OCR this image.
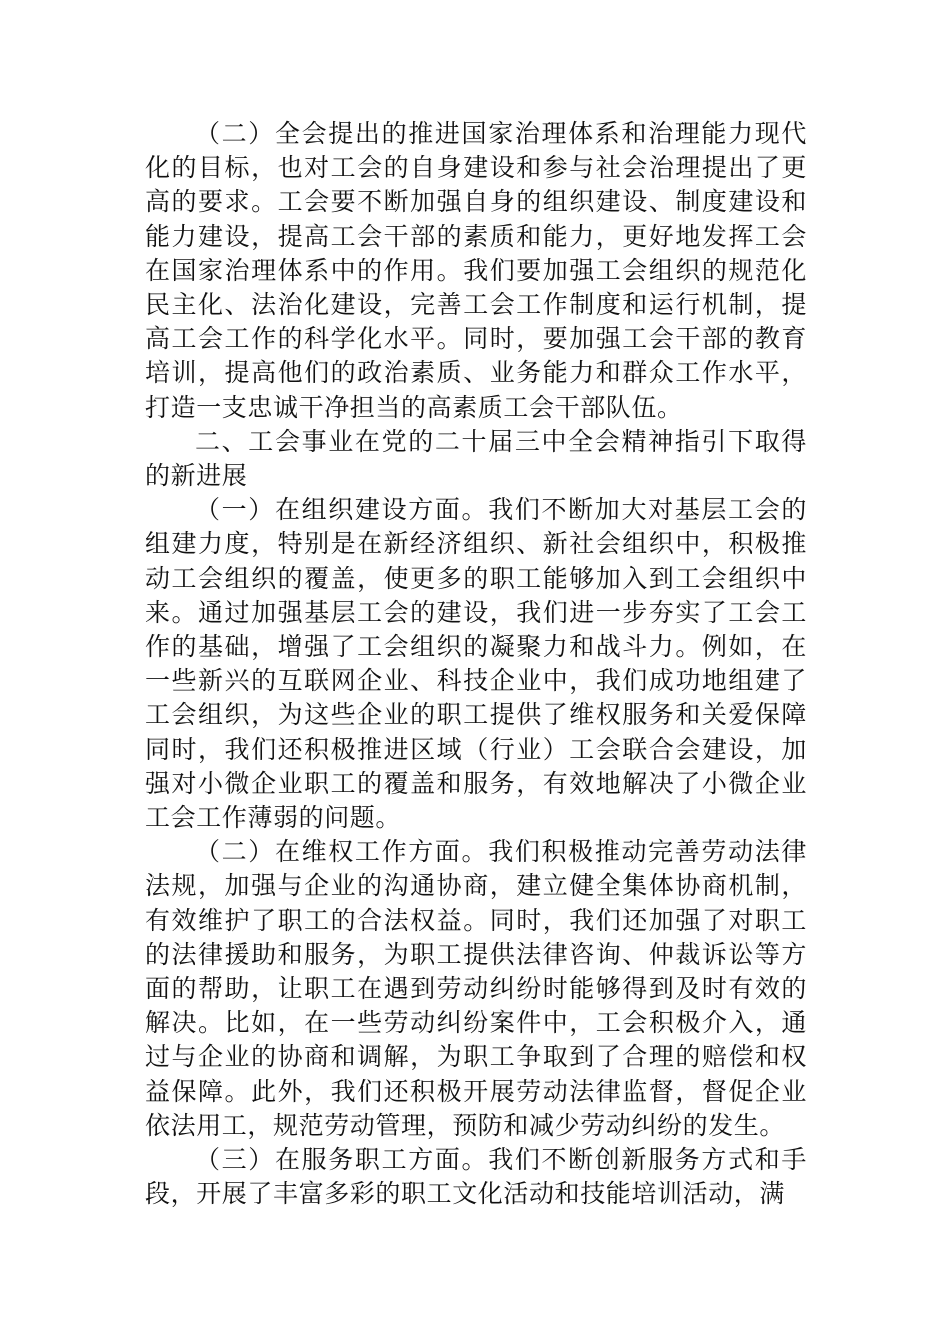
（二）全会提出的推进国家治理体系和治理能力现代化的目标，也对工会的自身建设和参与社会治理提出了更高的要求。工会要不断加强自身的组织建设、制度建设和能力建设，提高工会干部的素质和能力，更好地发挥工会在国家治理体系中的作用。我们要加强工会组织的规范化民主化、法治化建设，完善工会工作制度和运行机制，提高工会工作的科学化水平。同时，要加强工会干部的教育培训，提高他们的政治素质、业务能力和群众工作水平，打造一支忠诚干净担当的高素质工会干部队伍。

二、工会事业在党的二十届三中全会精神指引下取得的新进展

（一）在组织建设方面。我们不断加大对基层工会的组建力度，特别是在新经济组织、新社会组织中，积极推动工会组织的覆盖，使更多的职工能够加入到工会组织中来。通过加强基层工会的建设，我们进一步夯实了工会工作的基础，增强了工会组织的凝聚力和战斗力。例如，在一些新兴的互联网企业、科技企业中，我们成功地组建了工会组织，为这些企业的职工提供了维权服务和关爱保障同时，我们还积极推进区域（行业）工会联合会建设，加强对小微企业职工的覆盖和服务，有效地解决了小微企业工会工作薄弱的问题。

（二）在维权工作方面。我们积极推动完善劳动法律法规，加强与企业的沟通协商，建立健全集体协商机制，有效维护了职工的合法权益。同时，我们还加强了对职工的法律援助和服务，为职工提供法律咨询、仲裁诉讼等方面的帮助，让职工在遇到劳动纠纷时能够得到及时有效的解决。比如，在一些劳动纠纷案件中，工会积极介入，通过与企业的协商和调解，为职工争取到了合理的赔偿和权益保障。此外，我们还积极开展劳动法律监督，督促企业依法用工，规范劳动管理，预防和减少劳动纠纷的发生。

（三）在服务职工方面。我们不断创新服务方式和手段，开展了丰富多彩的职工文化活动和技能培训活动，满
